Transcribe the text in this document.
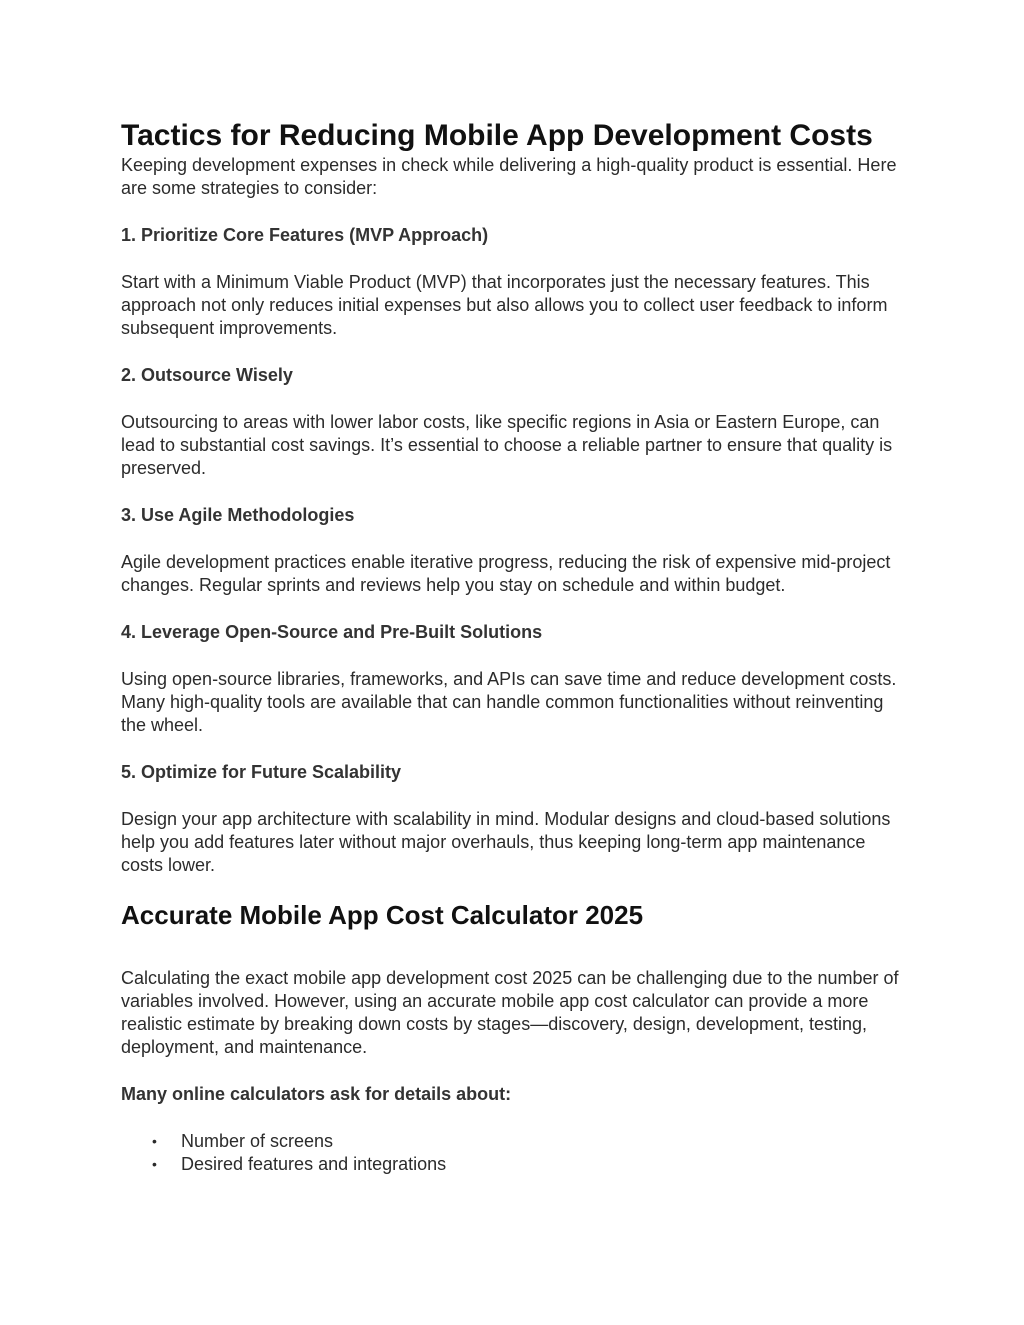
Tactics for Reducing Mobile App Development Costs

Keeping development expenses in check while delivering a high-quality product is essential. Here are some strategies to consider:

1. Prioritize Core Features (MVP Approach)

Start with a Minimum Viable Product (MVP) that incorporates just the necessary features. This approach not only reduces initial expenses but also allows you to collect user feedback to inform subsequent improvements.

2. Outsource Wisely

Outsourcing to areas with lower labor costs, like specific regions in Asia or Eastern Europe, can lead to substantial cost savings. It’s essential to choose a reliable partner to ensure that quality is preserved.

3. Use Agile Methodologies

Agile development practices enable iterative progress, reducing the risk of expensive mid-project changes. Regular sprints and reviews help you stay on schedule and within budget.

4. Leverage Open-Source and Pre-Built Solutions

Using open-source libraries, frameworks, and APIs can save time and reduce development costs. Many high-quality tools are available that can handle common functionalities without reinventing the wheel.

5. Optimize for Future Scalability

Design your app architecture with scalability in mind. Modular designs and cloud-based solutions help you add features later without major overhauls, thus keeping long-term app maintenance costs lower.

Accurate Mobile App Cost Calculator 2025

Calculating the exact mobile app development cost 2025 can be challenging due to the number of variables involved. However, using an accurate mobile app cost calculator can provide a more realistic estimate by breaking down costs by stages—discovery, design, development, testing, deployment, and maintenance.

Many online calculators ask for details about:

• Number of screens
• Desired features and integrations
